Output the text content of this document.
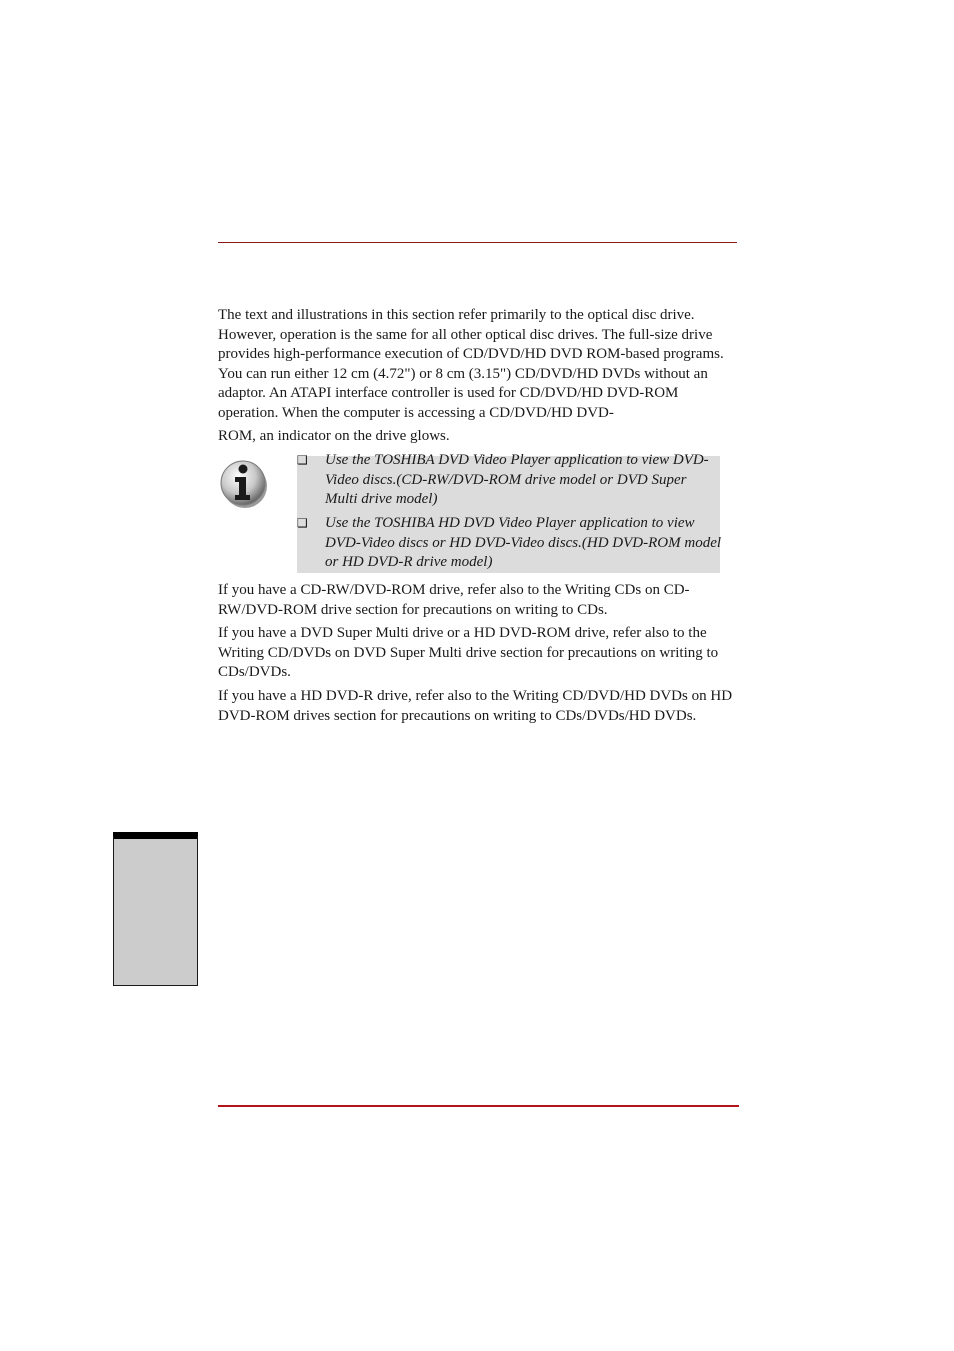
The text and illustrations in this section refer primarily to the optical disc drive. However, operation is the same for all other optical disc drives. The full-size drive provides high-performance execution of CD/DVD/HD DVD ROM-based programs. You can run either 12 cm (4.72") or 8 cm (3.15") CD/DVD/HD DVDs without an adaptor. An ATAPI interface controller is used for CD/DVD/HD DVD-ROM operation. When the computer is accessing a CD/DVD/HD DVD-
ROM, an indicator on the drive glows.

❑ Use the TOSHIBA DVD Video Player application to view DVD-Video discs.(CD-RW/DVD-ROM drive model or DVD Super Multi drive model)
❑ Use the TOSHIBA HD DVD Video Player application to view DVD-Video discs or HD DVD-Video discs.(HD DVD-ROM model or HD DVD-R drive model)

If you have a CD-RW/DVD-ROM drive, refer also to the Writing CDs on CD-RW/DVD-ROM drive section for precautions on writing to CDs.

If you have a DVD Super Multi drive or a HD DVD-ROM drive, refer also to the Writing CD/DVDs on DVD Super Multi drive section for precautions on writing to CDs/DVDs.

If you have a HD DVD-R drive, refer also to the Writing CD/DVD/HD DVDs on HD DVD-ROM drives section for precautions on writing to CDs/DVDs/HD DVDs.
